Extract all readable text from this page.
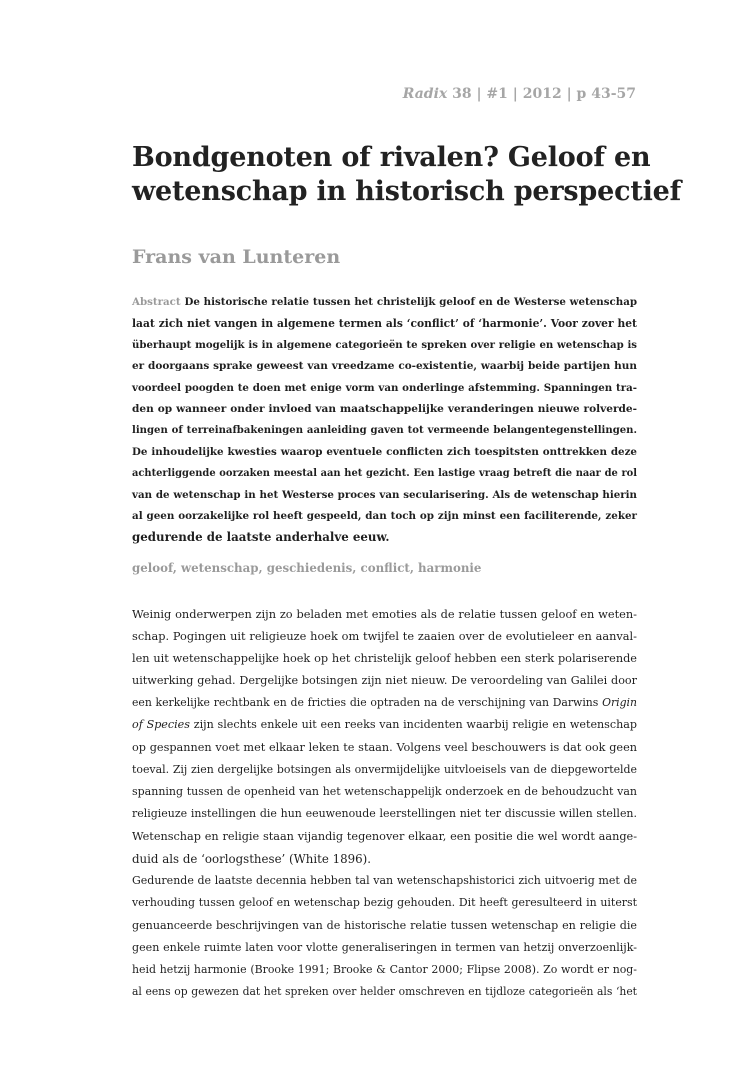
Radix 38 | #1 | 2012 | p 43-57
Bondgenoten of rivalen? Geloof en
wetenschap in historisch perspectief
Frans van Lunteren
Abstract De historische relatie tussen het christelijk geloof en de Westerse wetenschap
laat zich niet vangen in algemene termen als ‘conflict’ of ‘harmonie’. Voor zover het
überhaupt mogelijk is in algemene categorieën te spreken over religie en wetenschap is
er doorgaans sprake geweest van vreedzame co-existentie, waarbij beide partijen hun
voordeel poogden te doen met enige vorm van onderlinge afstemming. Spanningen tra-
den op wanneer onder invloed van maatschappelijke veranderingen nieuwe rolverde-
lingen of terreinafbakeningen aanleiding gaven tot vermeende belangentegenstellingen.
De inhoudelijke kwesties waarop eventuele conflicten zich toespitsten onttrekken deze
achterliggende oorzaken meestal aan het gezicht. Een lastige vraag betreft die naar de rol
van de wetenschap in het Westerse proces van secularisering. Als de wetenschap hierin
al geen oorzakelijke rol heeft gespeeld, dan toch op zijn minst een faciliterende, zeker
gedurende de laatste anderhalve eeuw.
geloof, wetenschap, geschiedenis, conflict, harmonie
Weinig onderwerpen zijn zo beladen met emoties als de relatie tussen geloof en weten-
schap. Pogingen uit religieuze hoek om twijfel te zaaien over de evolutieleer en aanval-
len uit wetenschappelijke hoek op het christelijk geloof hebben een sterk polariserende
uitwerking gehad. Dergelijke botsingen zijn niet nieuw. De veroordeling van Galilei door
een kerkelijke rechtbank en de fricties die optraden na de verschijning van Darwins Origin
of Species zijn slechts enkele uit een reeks van incidenten waarbij religie en wetenschap
op gespannen voet met elkaar leken te staan. Volgens veel beschouwers is dat ook geen
toeval. Zij zien dergelijke botsingen als onvermijdelijke uitvloeisels van de diepgewortelde
spanning tussen de openheid van het wetenschappelijk onderzoek en de behoudzucht van
religieuze instellingen die hun eeuwenoude leerstellingen niet ter discussie willen stellen.
Wetenschap en religie staan vijandig tegenover elkaar, een positie die wel wordt aange-
duid als de ‘oorlogsthese’ (White 1896).
Gedurende de laatste decennia hebben tal van wetenschapshistorici zich uitvoerig met de
verhouding tussen geloof en wetenschap bezig gehouden. Dit heeft geresulteerd in uiterst
genuanceerde beschrijvingen van de historische relatie tussen wetenschap en religie die
geen enkele ruimte laten voor vlotte generaliseringen in termen van hetzij onverzoenlijk-
heid hetzij harmonie (Brooke 1991; Brooke & Cantor 2000; Flipse 2008). Zo wordt er nog-
al eens op gewezen dat het spreken over helder omschreven en tijdloze categorieën als ‘het
